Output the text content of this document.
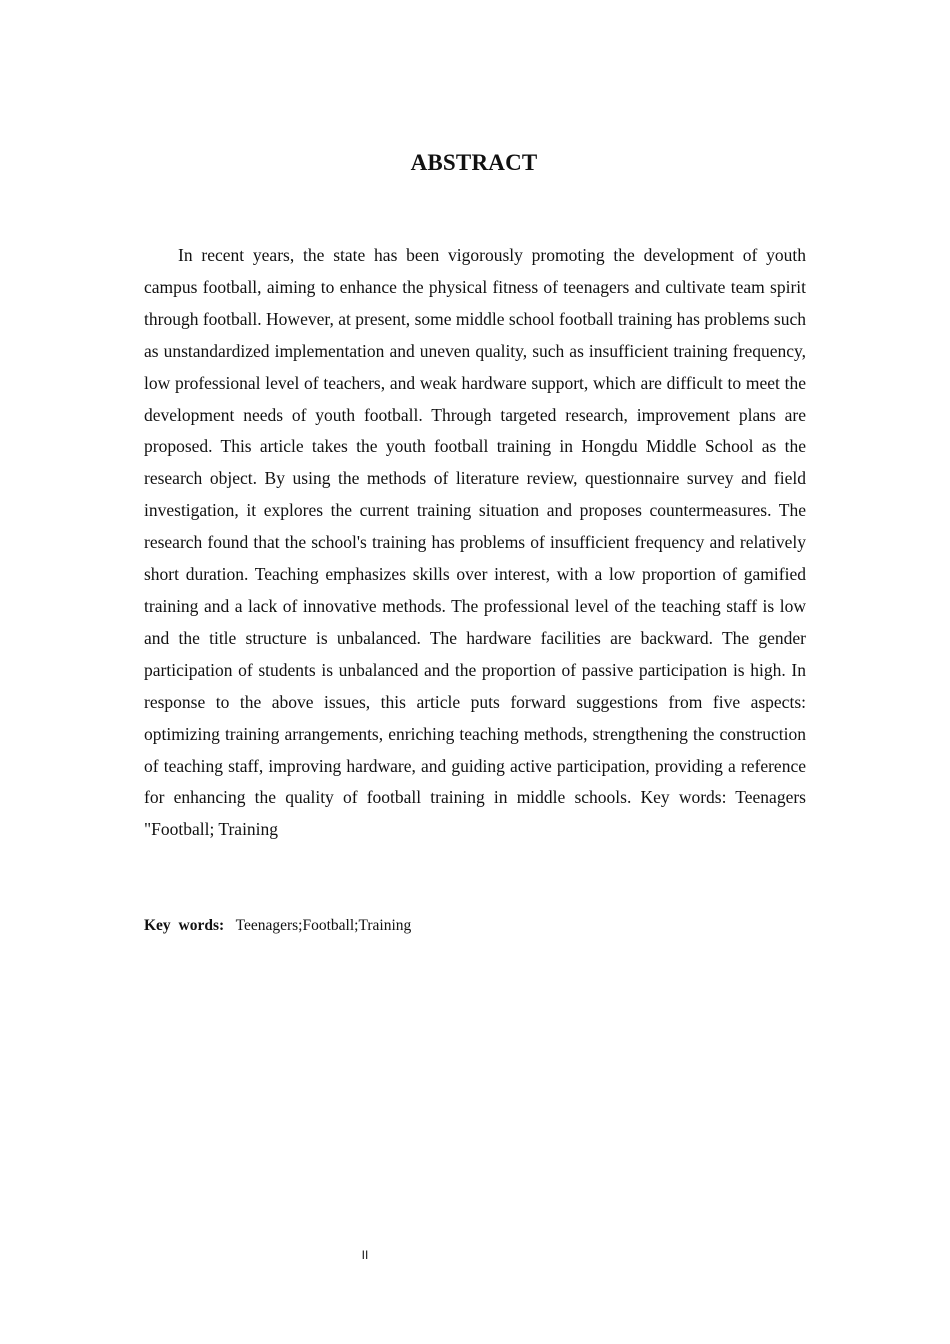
ABSTRACT

In recent years, the state has been vigorously promoting the development of youth campus football, aiming to enhance the physical fitness of teenagers and cultivate team spirit through football. However, at present, some middle school football training has problems such as unstandardized implementation and uneven quality, such as insufficient training frequency, low professional level of teachers, and weak hardware support, which are difficult to meet the development needs of youth football. Through targeted research, improvement plans are proposed. This article takes the youth football training in Hongdu Middle School as the research object. By using the methods of literature review, questionnaire survey and field investigation, it explores the current training situation and proposes countermeasures. The research found that the school's training has problems of insufficient frequency and relatively short duration. Teaching emphasizes skills over interest, with a low proportion of gamified training and a lack of innovative methods. The professional level of the teaching staff is low and the title structure is unbalanced. The hardware facilities are backward. The gender participation of students is unbalanced and the proportion of passive participation is high. In response to the above issues, this article puts forward suggestions from five aspects: optimizing training arrangements, enriching teaching methods, strengthening the construction of teaching staff, improving hardware, and guiding active participation, providing a reference for enhancing the quality of football training in middle schools. Key words: Teenagers "Football; Training

Key words: Teenagers;Football;Training

II
